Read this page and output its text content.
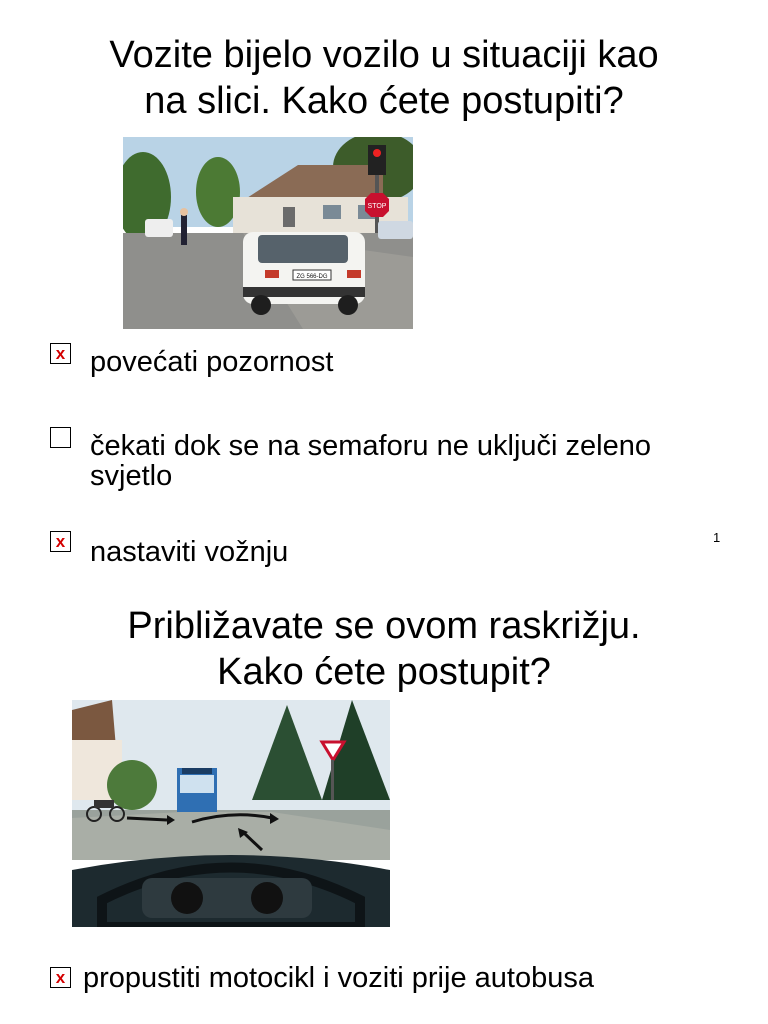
Vozite bijelo vozilo u situaciji kao
na slici. Kako ćete postupiti?
STOP
ZG 566-DG
x povećati pozornost
čekati dok se na semaforu ne uključi zeleno
svjetlo
x nastaviti vožnju	1
Približavate se ovom raskrižju.
Kako ćete postupit?
x propustiti motocikl i voziti prije autobusa
